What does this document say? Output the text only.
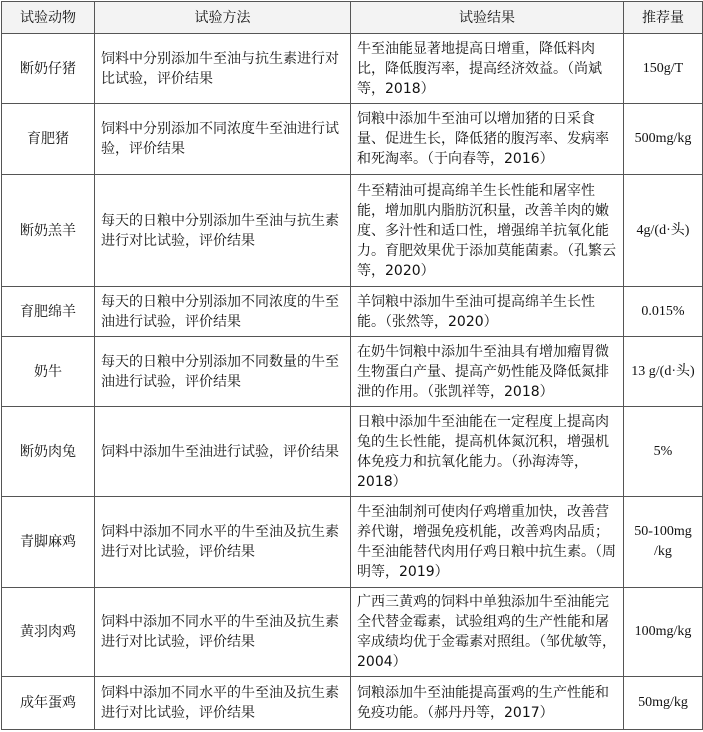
试验动物	试验方法	试验结果	推荐量
断奶仔猪	饲料中分别添加牛至油与抗生素进行对比试验，评价结果	牛至油能显著地提高日增重，降低料肉比，降低腹泻率，提高经济效益。（尚斌等，2018）	150g/T
育肥猪	饲料中分别添加不同浓度牛至油进行试验，评价结果	饲粮中添加牛至油可以增加猪的日采食量、促进生长，降低猪的腹泻率、发病率和死淘率。（于向春等，2016）	500mg/kg
断奶羔羊	每天的日粮中分别添加牛至油与抗生素进行对比试验，评价结果	牛至精油可提高绵羊生长性能和屠宰性能，增加肌内脂肪沉积量，改善羊肉的嫩度、多汁性和适口性，增强绵羊抗氧化能力。育肥效果优于添加莫能菌素。（孔繁云等，2020）	4g/(d·头)
育肥绵羊	每天的日粮中分别添加不同浓度的牛至油进行试验，评价结果	羊饲粮中添加牛至油可提高绵羊生长性能。（张然等，2020）	0.015%
奶牛	每天的日粮中分别添加不同数量的牛至油进行试验，评价结果	在奶牛饲粮中添加牛至油具有增加瘤胃微生物蛋白产量、提高产奶性能及降低氮排泄的作用。（张凯祥等，2018）	13 g/(d·头)
断奶肉兔	饲料中添加牛至油进行试验，评价结果	日粮中添加牛至油能在一定程度上提高肉兔的生长性能，提高机体氮沉积，增强机体免疫力和抗氧化能力。（孙海涛等，2018）	5%
青脚麻鸡	饲料中添加不同水平的牛至油及抗生素进行对比试验，评价结果	牛至油制剂可使肉仔鸡增重加快，改善营养代谢，增强免疫机能，改善鸡肉品质；牛至油能替代肉用仔鸡日粮中抗生素。（周明等，2019）	50-100mg /kg
黄羽肉鸡	饲料中添加不同水平的牛至油及抗生素进行对比试验，评价结果	广西三黄鸡的饲料中单独添加牛至油能完全代替金霉素，试验组鸡的生产性能和屠宰成绩均优于金霉素对照组。（邹优敏等，2004）	100mg/kg
成年蛋鸡	饲料中添加不同水平的牛至油及抗生素进行对比试验，评价结果	饲粮添加牛至油能提高蛋鸡的生产性能和免疫功能。（郝丹丹等，2017）	50mg/kg
